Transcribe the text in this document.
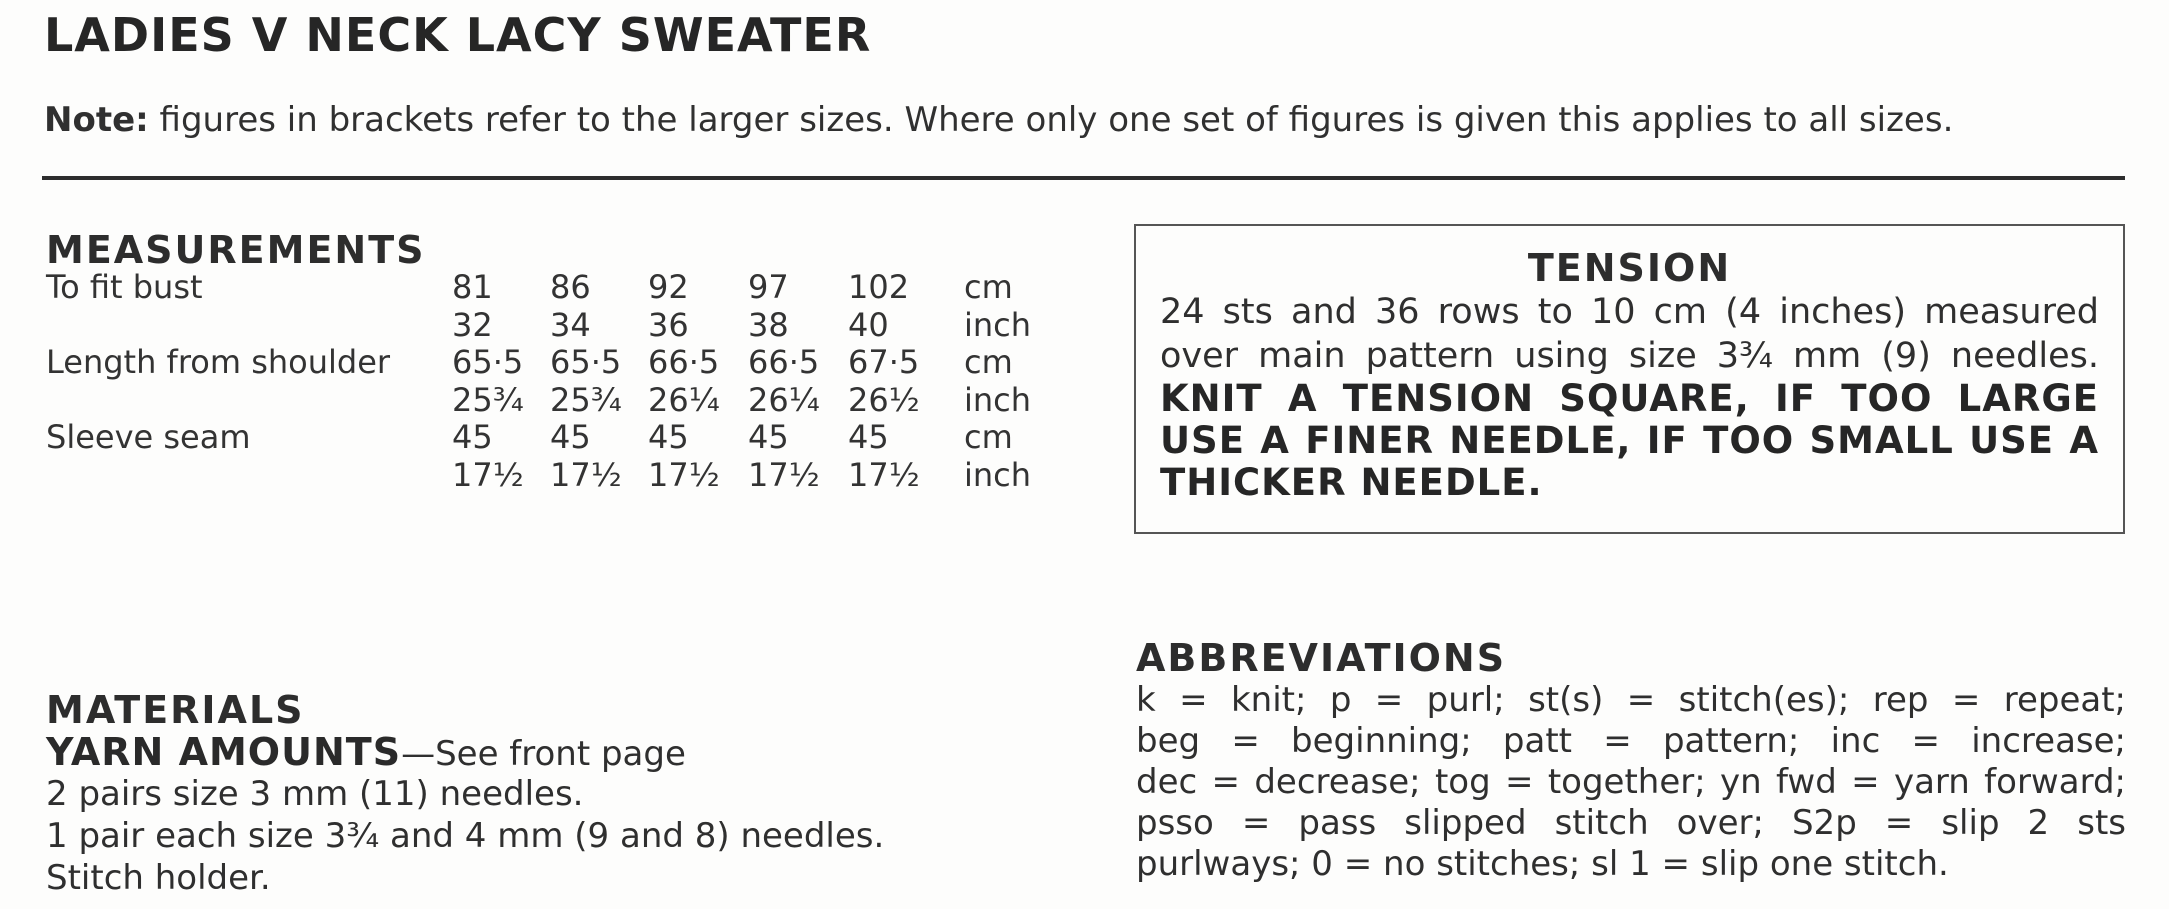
LADIES V NECK LACY SWEATER
Note: figures in brackets refer to the larger sizes. Where only one set of figures is given this applies to all sizes.
MEASUREMENTS
To fit bust	81 86 92 97 102 cm
32 34 36 38 40 inch
Length from shoulder 65·5 65·5 66·5 66·5 67·5 cm
25¾ 25¾ 26¼ 26¼ 26½ inch
Sleeve seam	45 45 45 45 45 cm
17½ 17½ 17½ 17½ 17½ inch
TENSION
24 sts and 36 rows to 10 cm (4 inches) measured
over main pattern using size 3¾ mm (9) needles.
KNIT A TENSION SQUARE, IF TOO LARGE
USE A FINER NEEDLE, IF TOO SMALL USE A
THICKER NEEDLE.
MATERIALS
YARN AMOUNTS—See front page
2 pairs size 3 mm (11) needles.
1 pair each size 3¾ and 4 mm (9 and 8) needles.
Stitch holder.
ABBREVIATIONS
k = knit; p = purl; st(s) = stitch(es); rep = repeat;
beg = beginning; patt = pattern; inc = increase;
dec = decrease; tog = together; yn fwd = yarn forward;
psso = pass slipped stitch over; S2p = slip 2 sts
purlways; 0 = no stitches; sl 1 = slip one stitch.
